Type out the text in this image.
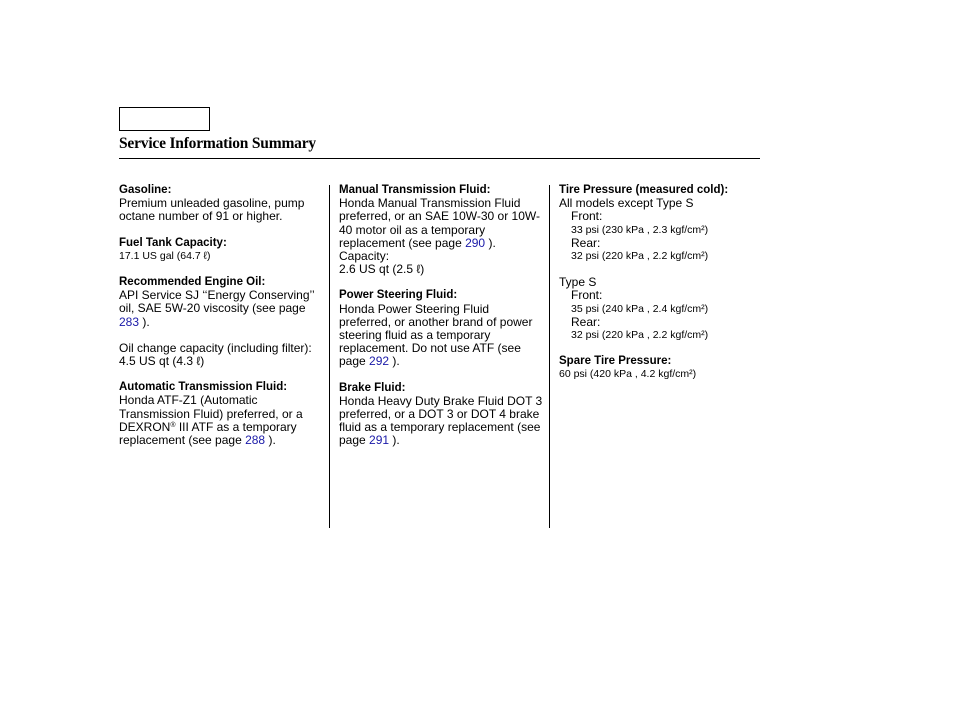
Service Information Summary
Gasoline:

Premium unleaded gasoline, pump octane number of 91 or higher.

Fuel Tank Capacity:

17.1 US gal (64.7 ℓ)

Recommended Engine Oil:

API Service SJ ‘‘Energy Conserving’’ oil, SAE 5W-20 viscosity (see page 283 ).

Oil change capacity (including filter):

4.5 US qt (4.3 ℓ)

Automatic Transmission Fluid:

Honda ATF-Z1 (Automatic Transmission Fluid) preferred, or a DEXRON® III ATF as a temporary replacement (see page 288 ).

Manual Transmission Fluid:

Honda Manual Transmission Fluid preferred, or an SAE 10W-30 or 10W-40 motor oil as a temporary replacement (see page 290 ).

Capacity:

2.6 US qt (2.5 ℓ)

Power Steering Fluid:

Honda Power Steering Fluid preferred, or another brand of power steering fluid as a temporary replacement. Do not use ATF (see page 292 ).

Brake Fluid:

Honda Heavy Duty Brake Fluid DOT 3 preferred, or a DOT 3 or DOT 4 brake fluid as a temporary replacement (see page 291 ).

Tire Pressure (measured cold):

All models except Type S

Front:
33 psi (230 kPa , 2.3 kgf/cm²)
Rear:
32 psi (220 kPa , 2.2 kgf/cm²)

Type S

Front:
35 psi (240 kPa , 2.4 kgf/cm²)
Rear:
32 psi (220 kPa , 2.2 kgf/cm²)
Spare Tire Pressure:

60 psi (420 kPa , 4.2 kgf/cm²)
